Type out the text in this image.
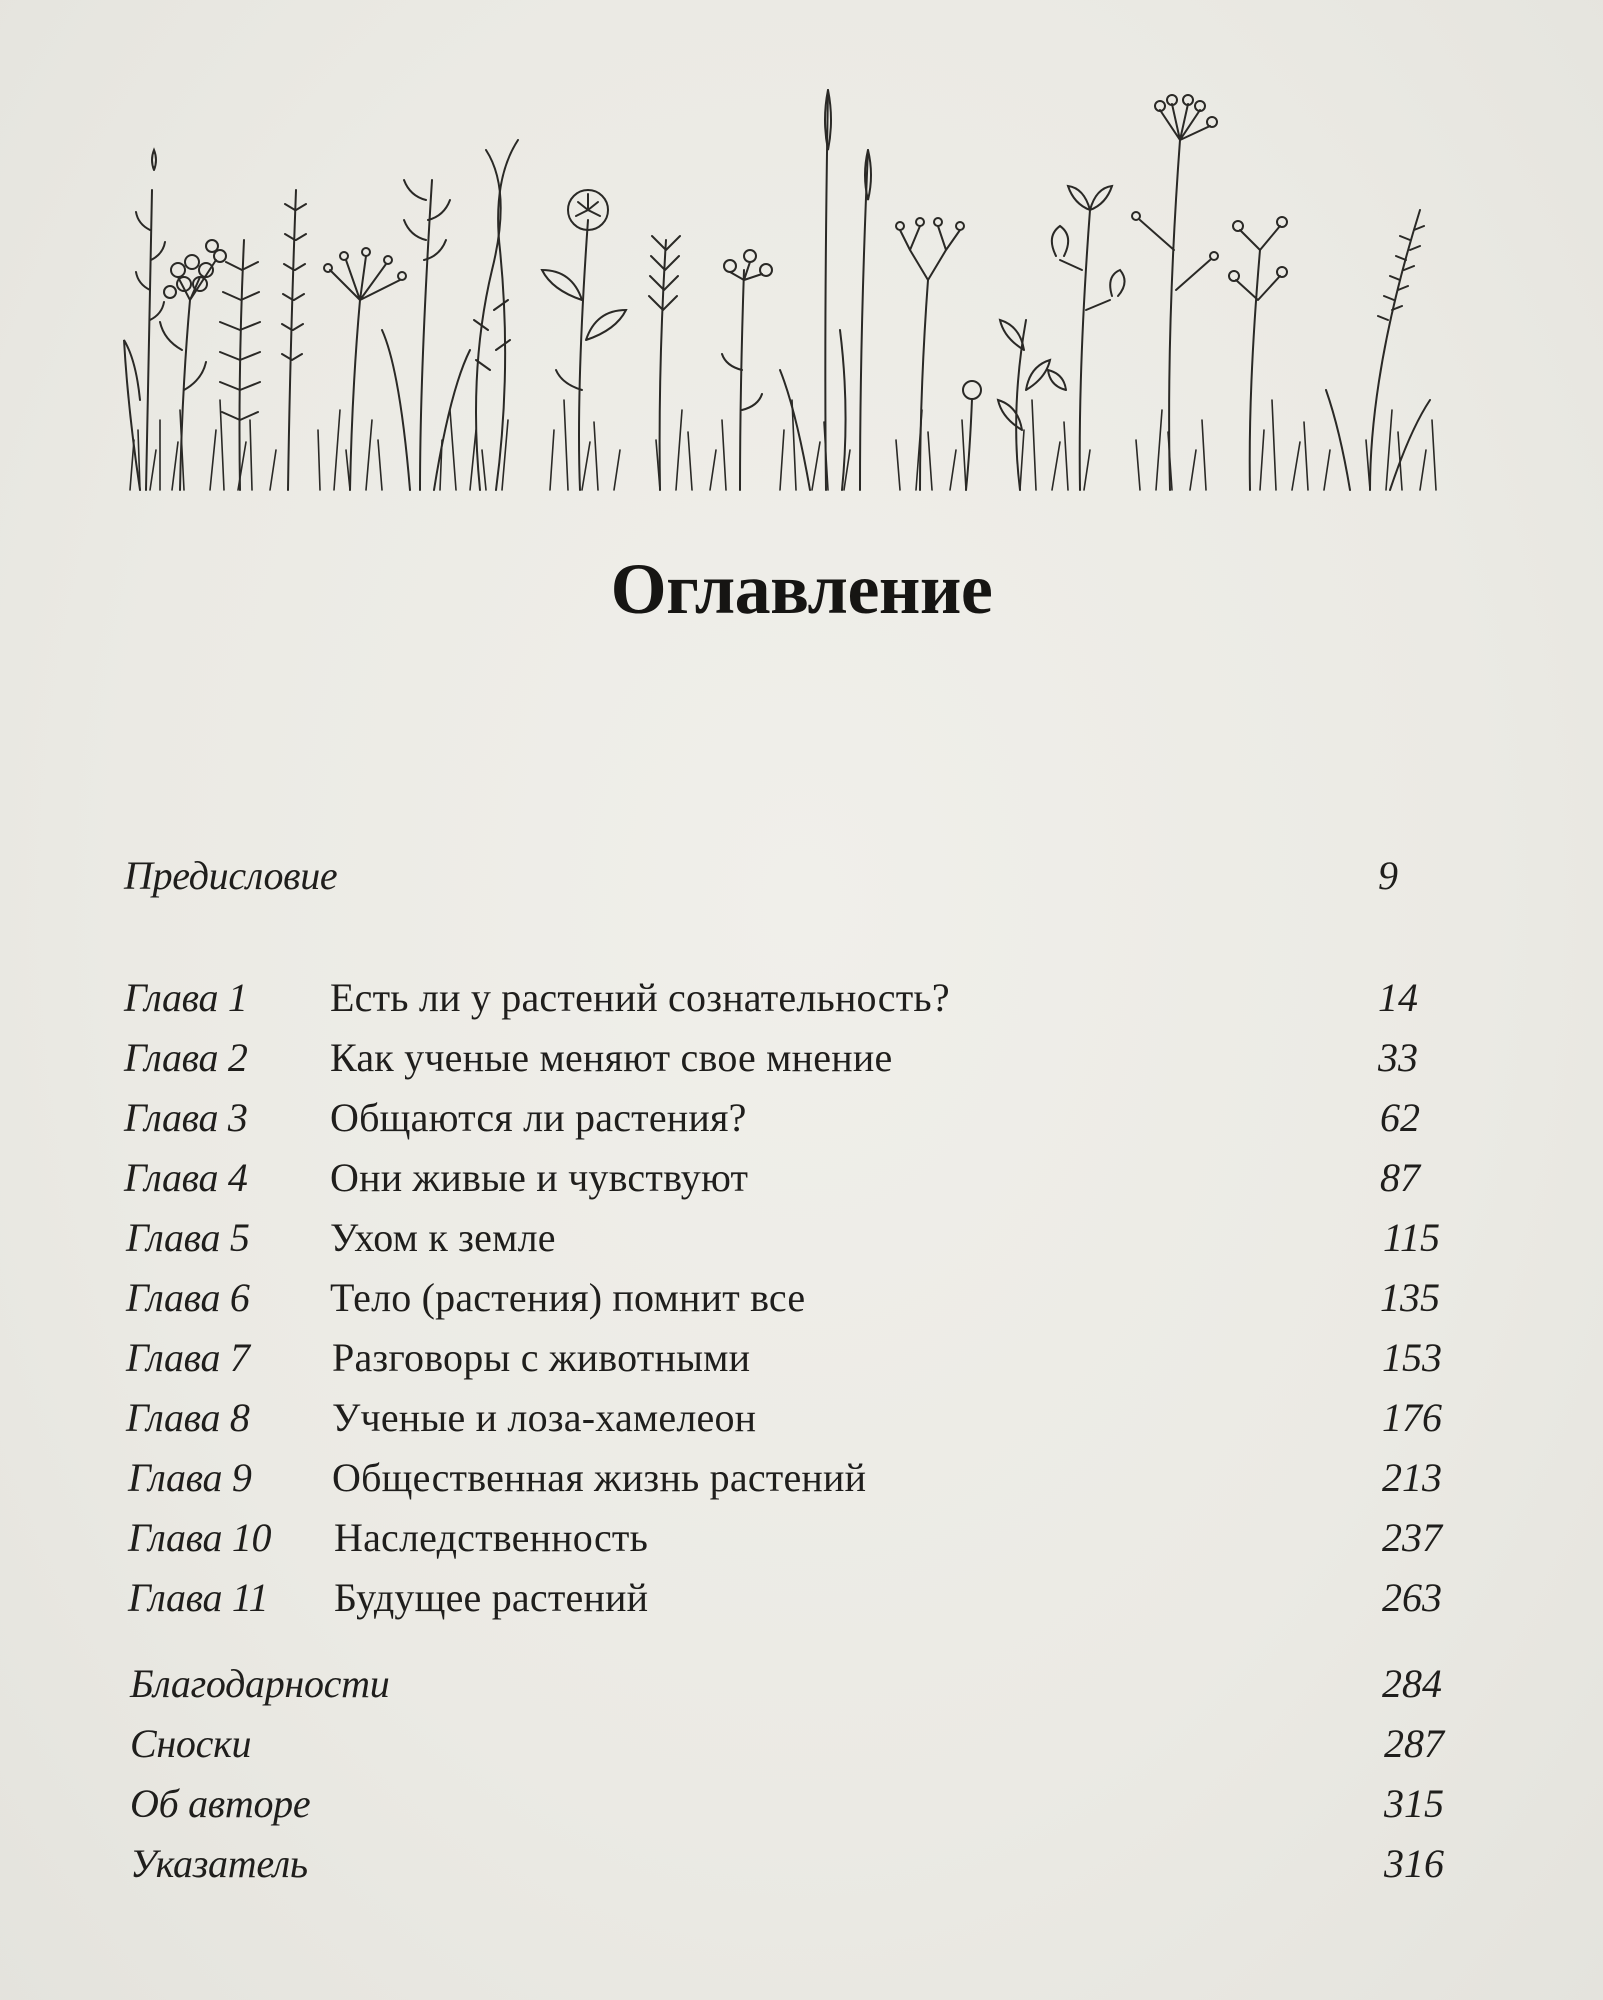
Оглавление
Предисловие	9
Глава 1 Есть ли у растений сознательность?	14
Глава 2 Как ученые меняют свое мнение	33
Глава 3 Общаются ли растения?	62
Глава 4 Они живые и чувствуют	87
Глава 5 Ухом к земле	115
Глава 6 Тело (растения) помнит все	135
Глава 7 Разговоры с животными	153
Глава 8 Ученые и лоза-хамелеон	176
Глава 9 Общественная жизнь растений	213
Глава 10 Наследственность	237
Глава 11 Будущее растений	263
Благодарности	284
Сноски	287
Об авторе	315
Указатель	316
